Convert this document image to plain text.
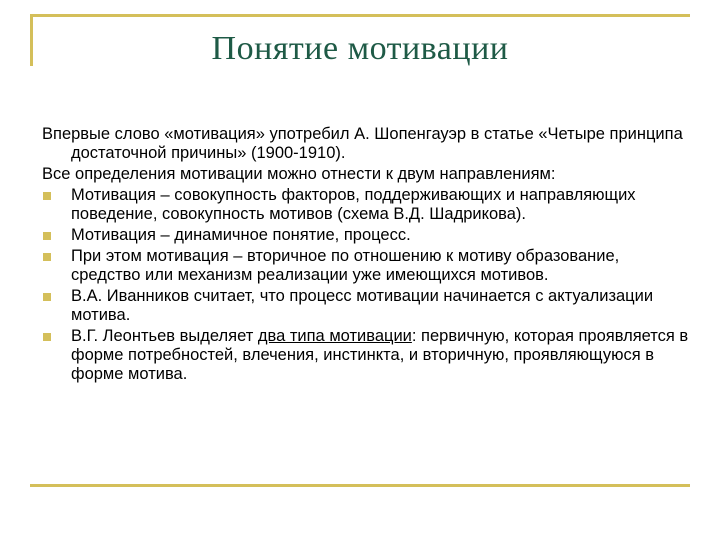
Понятие мотивации

Впервые слово «мотивация» употребил А. Шопенгауэр в статье «Четыре принципа достаточной причины» (1900-1910).

Все определения мотивации можно отнести к двум направлениям:

Мотивация – совокупность факторов, поддерживающих и направляющих поведение, совокупность мотивов (схема В.Д. Шадрикова).
Мотивация – динамичное понятие, процесс.
При этом мотивация – вторичное по отношению к мотиву образование, средство или механизм реализации уже имеющихся мотивов.
В.А. Иванников считает, что процесс мотивации начинается с актуализации мотива.
В.Г. Леонтьев выделяет два типа мотивации: первичную, которая проявляется в форме потребностей, влечения, инстинкта, и вторичную, проявляющуюся в форме мотива.
